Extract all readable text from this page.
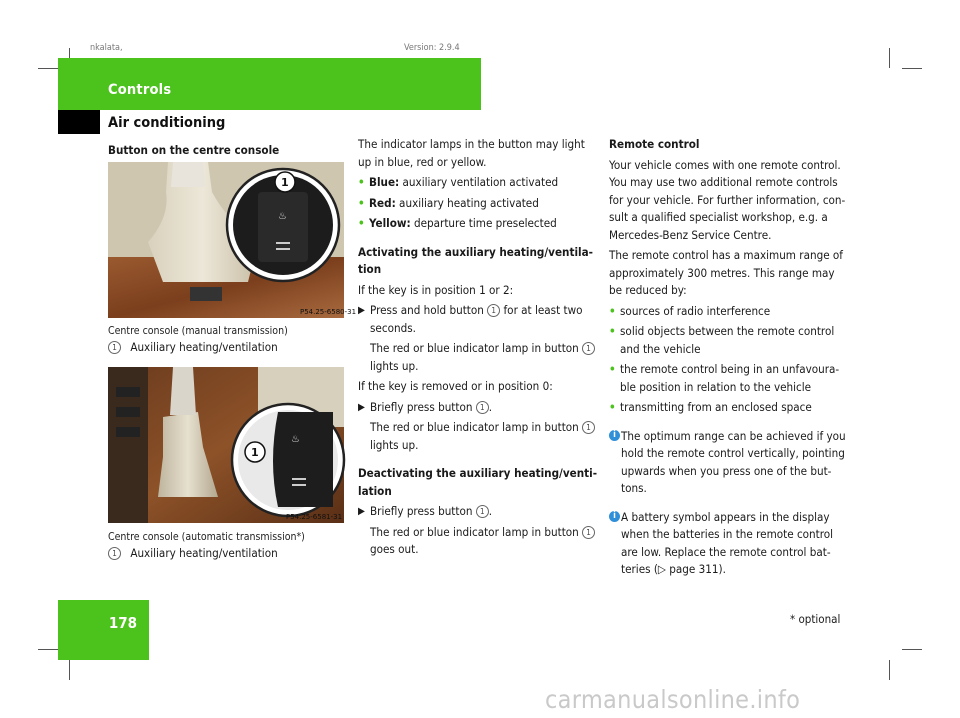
nkalata,	Version: 2.9.4
Controls
Air conditioning
Button on the centre console
♨
1
P54.25-6580-31
Centre console (manual transmission)
1 Auxiliary heating/ventilation
♨
1
P54.25-6581-31
Centre console (automatic transmission*)
1 Auxiliary heating/ventilation

The indicator lamps in the button may light up in blue, red or yellow.

• Blue: auxiliary ventilation activated

• Red: auxiliary heating activated

• Yellow: departure time preselected

Activating the auxiliary heating/ventila-tion

If the key is in position 1 or 2:

▶ Press and hold button 1 for at least two seconds.

The red or blue indicator lamp in button 1 lights up.

If the key is removed or in position 0:

▶ Briefly press button 1 .

The red or blue indicator lamp in button 1 lights up.

Deactivating the auxiliary heating/venti-lation

▶ Briefly press button 1 .

The red or blue indicator lamp in button 1 goes out.

Remote control

Your vehicle comes with one remote control. You may use two additional remote controls for your vehicle. For further information, con-sult a qualified specialist workshop, e.g. a Mercedes-Benz Service Centre.

The remote control has a maximum range of approximately 300 metres. This range may be reduced by:

• sources of radio interference

• solid objects between the remote control and the vehicle

• the remote control being in an unfavoura-ble position in relation to the vehicle

• transmitting from an enclosed space

i The optimum range can be achieved if you hold the remote control vertically, pointing upwards when you press one of the but-tons.

i A battery symbol appears in the display when the batteries in the remote control are low. Replace the remote control bat-teries (▷ page 311).

178	* optional
carmanualsonline.info
